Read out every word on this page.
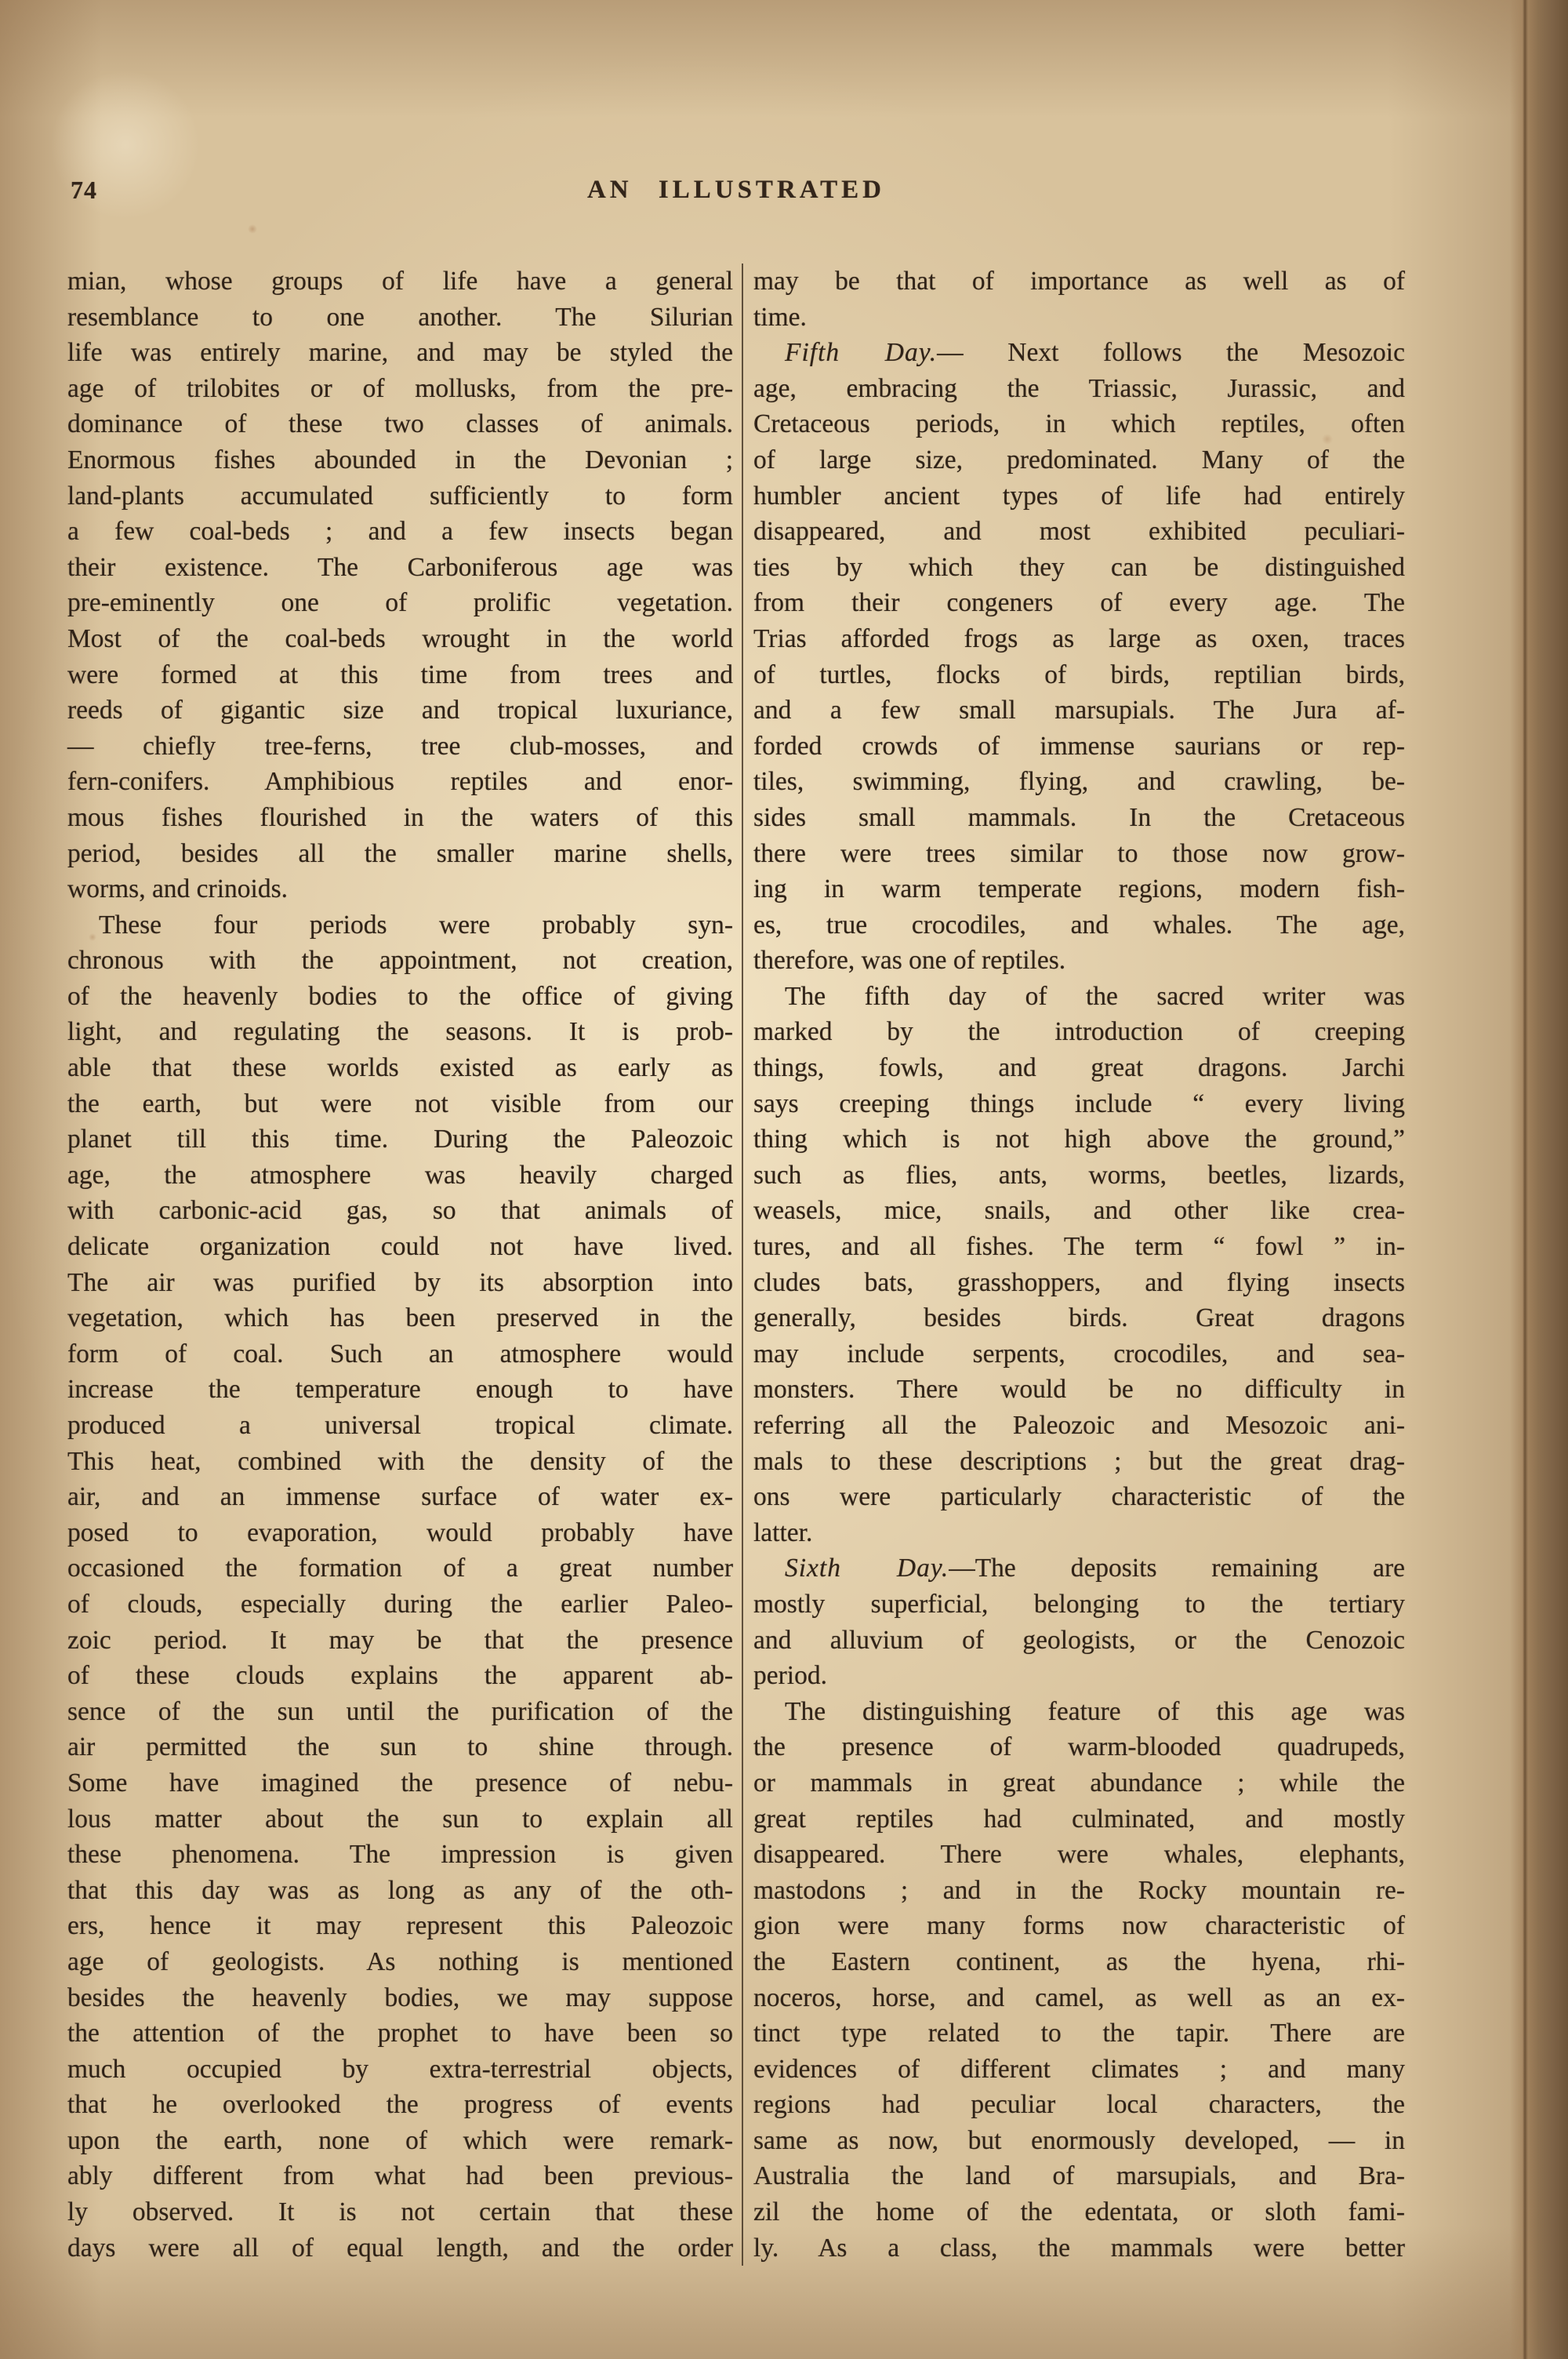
74	AN ILLUSTRATED
mian, whose groups of life have a general
resemblance to one another. The Silurian
life was entirely marine, and may be styled the
age of trilobites or of mollusks, from the pre-
dominance of these two classes of animals.
Enormous fishes abounded in the Devonian ;
land-plants accumulated sufficiently to form
a few coal-beds ; and a few insects began
their existence. The Carboniferous age was
pre-eminently one of prolific vegetation.
Most of the coal-beds wrought in the world
were formed at this time from trees and
reeds of gigantic size and tropical luxuriance,
— chiefly tree-ferns, tree club-mosses, and
fern-conifers. Amphibious reptiles and enor-
mous fishes flourished in the waters of this
period, besides all the smaller marine shells,
worms, and crinoids.
These four periods were probably syn-
chronous with the appointment, not creation,
of the heavenly bodies to the office of giving
light, and regulating the seasons. It is prob-
able that these worlds existed as early as
the earth, but were not visible from our
planet till this time. During the Paleozoic
age, the atmosphere was heavily charged
with carbonic-acid gas, so that animals of
delicate organization could not have lived.
The air was purified by its absorption into
vegetation, which has been preserved in the
form of coal. Such an atmosphere would
increase the temperature enough to have
produced a universal tropical climate.
This heat, combined with the density of the
air, and an immense surface of water ex-
posed to evaporation, would probably have
occasioned the formation of a great number
of clouds, especially during the earlier Paleo-
zoic period. It may be that the presence
of these clouds explains the apparent ab-
sence of the sun until the purification of the
air permitted the sun to shine through.
Some have imagined the presence of nebu-
lous matter about the sun to explain all
these phenomena. The impression is given
that this day was as long as any of the oth-
ers, hence it may represent this Paleozoic
age of geologists. As nothing is mentioned
besides the heavenly bodies, we may suppose
the attention of the prophet to have been so
much occupied by extra-terrestrial objects,
that he overlooked the progress of events
upon the earth, none of which were remark-
ably different from what had been previous-
ly observed. It is not certain that these
days were all of equal length, and the order
may be that of importance as well as of
time.
Fifth Day.— Next follows the Mesozoic
age, embracing the Triassic, Jurassic, and
Cretaceous periods, in which reptiles, often
of large size, predominated. Many of the
humbler ancient types of life had entirely
disappeared, and most exhibited peculiari-
ties by which they can be distinguished
from their congeners of every age. The
Trias afforded frogs as large as oxen, traces
of turtles, flocks of birds, reptilian birds,
and a few small marsupials. The Jura af-
forded crowds of immense saurians or rep-
tiles, swimming, flying, and crawling, be-
sides small mammals. In the Cretaceous
there were trees similar to those now grow-
ing in warm temperate regions, modern fish-
es, true crocodiles, and whales. The age,
therefore, was one of reptiles.
The fifth day of the sacred writer was
marked by the introduction of creeping
things, fowls, and great dragons. Jarchi
says creeping things include “ every living
thing which is not high above the ground,”
such as flies, ants, worms, beetles, lizards,
weasels, mice, snails, and other like crea-
tures, and all fishes. The term “ fowl ” in-
cludes bats, grasshoppers, and flying insects
generally, besides birds. Great dragons
may include serpents, crocodiles, and sea-
monsters. There would be no difficulty in
referring all the Paleozoic and Mesozoic ani-
mals to these descriptions ; but the great drag-
ons were particularly characteristic of the
latter.
Sixth Day.—The deposits remaining are
mostly superficial, belonging to the tertiary
and alluvium of geologists, or the Cenozoic
period.
The distinguishing feature of this age was
the presence of warm-blooded quadrupeds,
or mammals in great abundance ; while the
great reptiles had culminated, and mostly
disappeared. There were whales, elephants,
mastodons ; and in the Rocky mountain re-
gion were many forms now characteristic of
the Eastern continent, as the hyena, rhi-
noceros, horse, and camel, as well as an ex-
tinct type related to the tapir. There are
evidences of different climates ; and many
regions had peculiar local characters, the
same as now, but enormously developed, — in
Australia the land of marsupials, and Bra-
zil the home of the edentata, or sloth fami-
ly. As a class, the mammals were better
